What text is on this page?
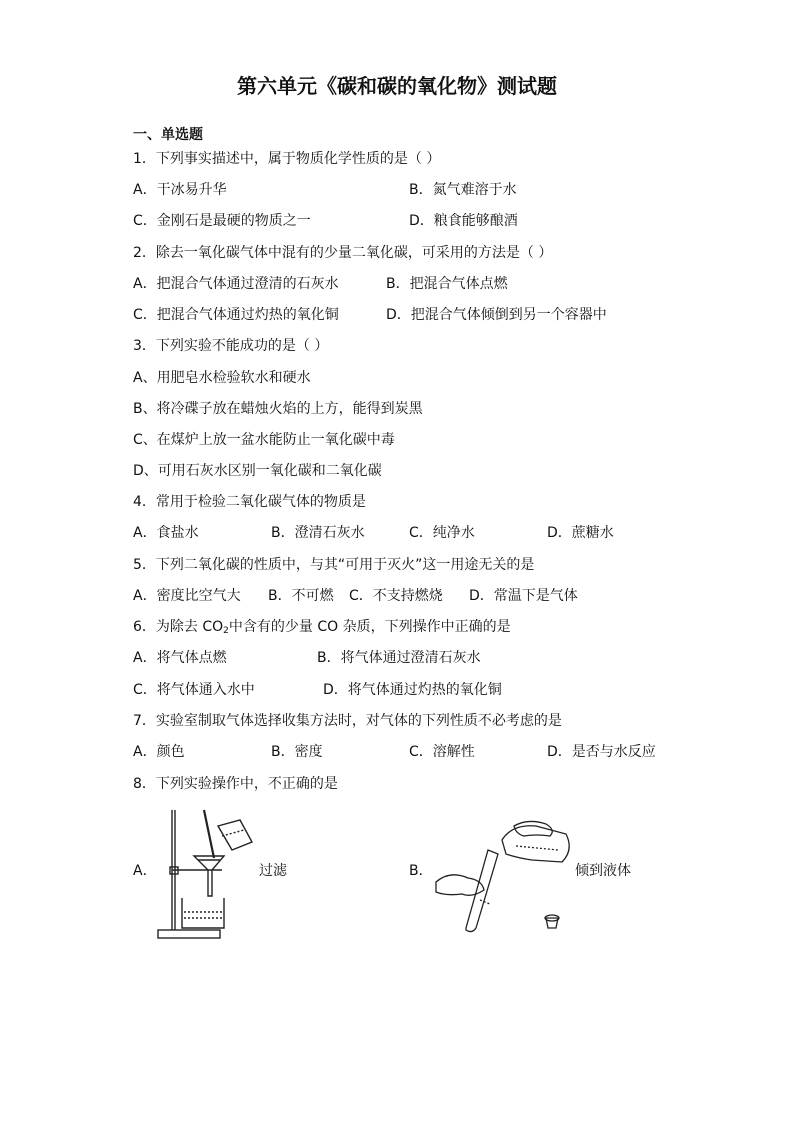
第六单元《碳和碳的氧化物》测试题
一、单选题
1．下列事实描述中，属于物质化学性质的是（ ）
A．干冰易升华	B．氮气难溶于水
C．金刚石是最硬的物质之一	D．粮食能够酿酒
2．除去一氧化碳气体中混有的少量二氧化碳，可采用的方法是（ ）
A．把混合气体通过澄清的石灰水	B．把混合气体点燃
C．把混合气体通过灼热的氧化铜	D．把混合气体倾倒到另一个容器中
3．下列实验不能成功的是（ ）
A、用肥皂水检验软水和硬水
B、将冷碟子放在蜡烛火焰的上方，能得到炭黑
C、在煤炉上放一盆水能防止一氧化碳中毒
D、可用石灰水区别一氧化碳和二氧化碳
4．常用于检验二氧化碳气体的物质是
A．食盐水	B．澄清石灰水	C．纯净水	D．蔗糖水
5．下列二氧化碳的性质中，与其“可用于灭火”这一用途无关的是
A．密度比空气大 B．不可燃 C．不支持燃烧 D．常温下是气体
6．为除去 $CO_2$中含有的少量 CO 杂质，下列操作中正确的是
A．将气体点燃	B．将气体通过澄清石灰水
C．将气体通入水中	D．将气体通过灼热的氧化铜
7．实验室制取气体选择收集方法时，对气体的下列性质不必考虑的是
A．颜色	B．密度	C．溶解性	D．是否与水反应
8．下列实验操作中，不正确的是
A．	过滤	B．	倾到液体
